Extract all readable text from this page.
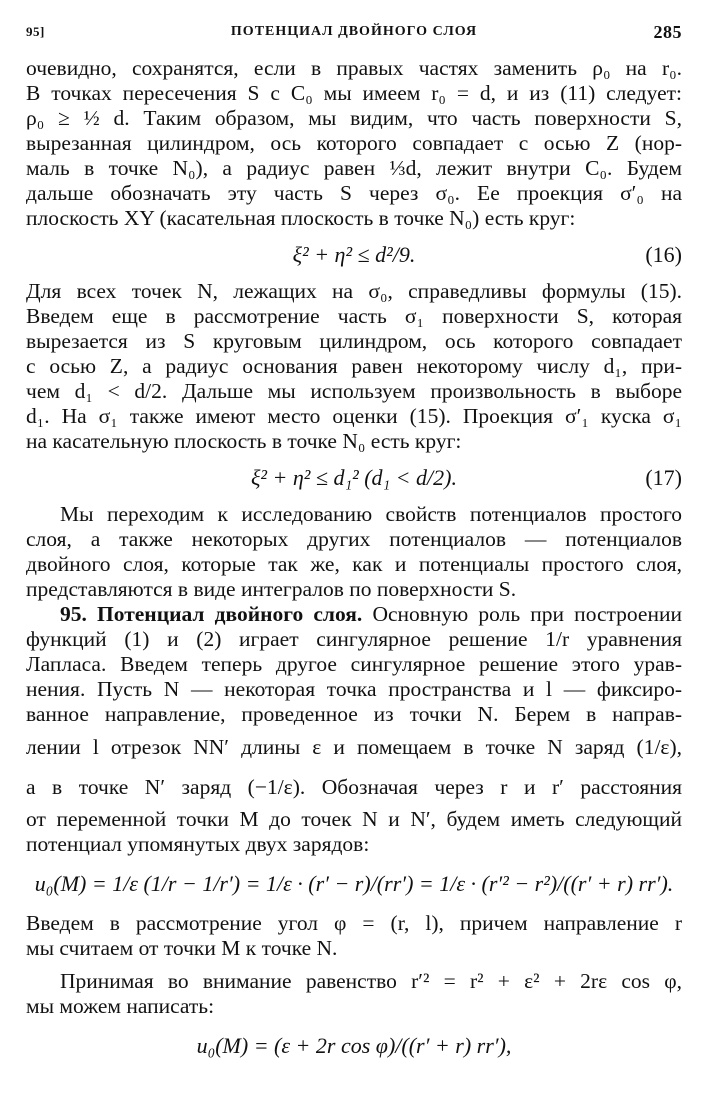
95]	ПОТЕНЦИАЛ ДВОЙНОГО СЛОЯ	285
очевидно, сохранятся, если в правых частях заменить ρ₀ на r₀.
В точках пересечения S с C₀ мы имеем r₀ = d, и из (11) следует:
ρ₀ ≥ ½ d. Таким образом, мы видим, что часть поверхности S,
вырезанная цилиндром, ось которого совпадает с осью Z (нор-
маль в точке N₀), а радиус равен ⅓d, лежит внутри C₀. Будем
дальше обозначать эту часть S через σ₀. Ее проекция σ′₀ на
плоскость XY (касательная плоскость в точке N₀) есть круг:
ξ² + η² ≤ d²/9.	(16)
Для всех точек N, лежащих на σ₀, справедливы формулы (15).
Введем еще в рассмотрение часть σ₁ поверхности S, которая
вырезается из S круговым цилиндром, ось которого совпадает
с осью Z, а радиус основания равен некоторому числу d₁, при-
чем d₁ < d/2. Дальше мы используем произвольность в выборе
d₁. На σ₁ также имеют место оценки (15). Проекция σ′₁ куска σ₁
на касательную плоскость в точке N₀ есть круг:
ξ² + η² ≤ d₁² (d₁ < d/2).	(17)
Мы переходим к исследованию свойств потенциалов простого
слоя, а также некоторых других потенциалов — потенциалов
двойного слоя, которые так же, как и потенциалы простого слоя,
представляются в виде интегралов по поверхности S.
95. Потенциал двойного слоя. Основную роль при построении
функций (1) и (2) играет сингулярное решение 1/r уравнения
Лапласа. Введем теперь другое сингулярное решение этого урав-
нения. Пусть N — некоторая точка пространства и l — фиксиро-
ванное направление, проведенное из точки N. Берем в направ-
лении l отрезок NN′ длины ε и помещаем в точке N заряд (1/ε),
а в точке N′ заряд (−1/ε). Обозначая через r и r′ расстояния
от переменной точки M до точек N и N′, будем иметь следующий
потенциал упомянутых двух зарядов:
u₀(M) = 1/ε (1/r − 1/r′) = 1/ε · (r′ − r)/(rr′) = 1/ε · (r′² − r²)/((r′ + r) rr′).
Введем в рассмотрение угол φ = (r, l), причем направление r
мы считаем от точки M к точке N.
Принимая во внимание равенство r′² = r² + ε² + 2rε cos φ,
мы можем написать:
u₀(M) = (ε + 2r cos φ)/((r′ + r) rr′),
